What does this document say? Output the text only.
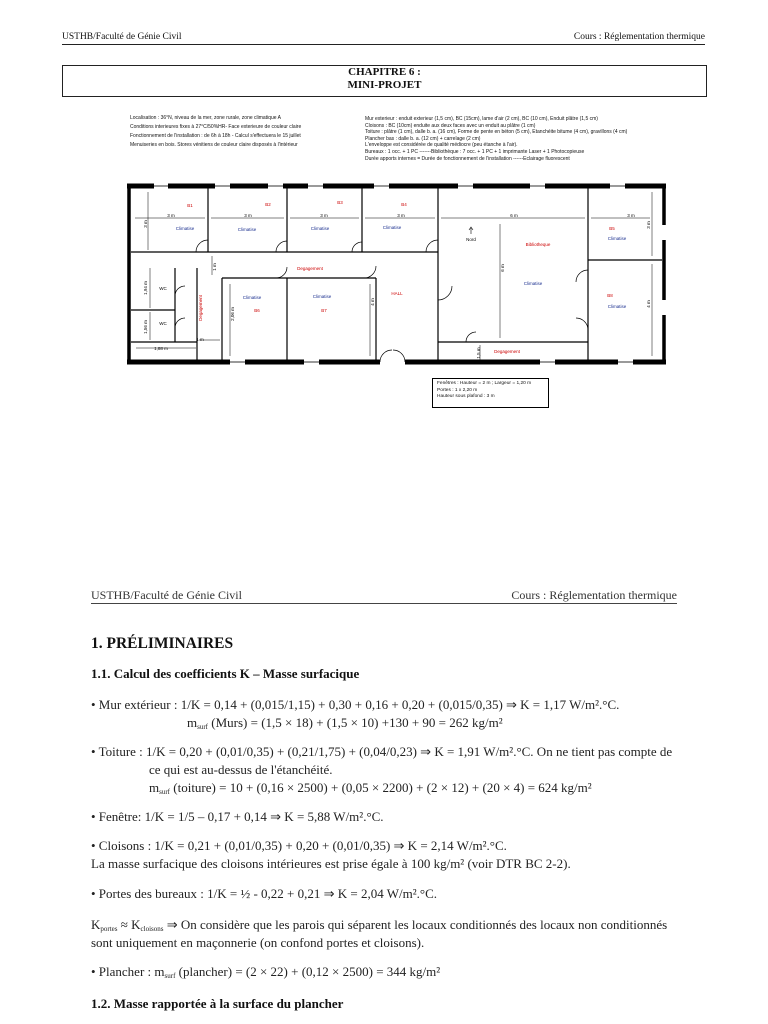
USTHB/Faculté de Génie Civil	Cours : Réglementation thermique
CHAPITRE 6 :
MINI-PROJET
Localisation : 36°N, niveau de la mer, zone rurale, zone climatique A
Conditions interieures fixes à 27°C/50%HR- Face exterieure de couleur claire
Fonctionnement de l'installation : de 6h à 18h - Calcul s'effectuera le 15 juillet
Menuiseries en bois. Stores vénitiens de couleur claire disposés à l'intérieur
Mur exterieur : enduit exterieur (1,5 cm), BC (15cm), lame d'air (2 cm), BC (10 cm), Enduit plâtre (1,5 cm)
Cloisons : BC (10cm) enduite aux deux faces avec un enduit au plâtre (1 cm)
Toiture : plâtre (1 cm), dalle b. a. (16 cm), Forme de pente en béton (5 cm), Etanchéite bitume (4 cm), gravillons (4 cm)
Plancher bas : dalle b. a. (12 cm) + carrelage (2 cm)
L'enveloppe est considérée de qualité médiocre (peu étanche à l'air).
Bureaux : 1 occ. + 1 PC -------Bibliothèque : 7 occ. + 1 PC + 1 imprimante Laser + 1 Photocopieuse
Durée apports internes = Durée de fonctionnement de l'installation ------Eclairage fluorescent
B1	B2	B3	B4
B5
B6	B7
B8
Degagement
Degagement
HALL
Bibliotheque
Degagement
Climatise	Climatise	Climatise	Climatise
Climatise
Climatise	Climatise
Climatise
Climatise
3 m	3 m	3 m	3 m	6 m	3 m
WC
WC
1,88 m
1 m
Nord
3 m
1,94 m
1,56 m
1 m
2,06 m
4 m
6 m
1,5 m
3 m
4 m
Fenêtres : Hauteur = 2 m ; Largeur = 1,20 m
Portes : 1 x 2,20 m
Hauteur sous plafond : 3 m
USTHB/Faculté de Génie Civil	Cours : Réglementation thermique
1. PRÉLIMINAIRES
1.1. Calcul des coefficients K – Masse surfacique
• Mur extérieur : 1/K = 0,14 + (0,015/1,15) + 0,30 + 0,16 + 0,20 + (0,015/0,35) ⇒ K = 1,17 W/m².°C.
$m_{surf}$ (Murs) = (1,5 × 18) + (1,5 × 10) +130 + 90 = 262 kg/m²
• Toiture : 1/K = 0,20 + (0,01/0,35) + (0,21/1,75) + (0,04/0,23) ⇒ K = 1,91 W/m².°C. On ne tient pas compte de
ce qui est au-dessus de l'étanchéité.
$m_{surf}$ (toiture) = 10 + (0,16 × 2500) + (0,05 × 2200) + (2 × 12) + (20 × 4) = 624 kg/m²
• Fenêtre: 1/K = 1/5 – 0,17 + 0,14 ⇒ K = 5,88 W/m².°C.
• Cloisons : 1/K = 0,21 + (0,01/0,35) + 0,20 + (0,01/0,35) ⇒ K = 2,14 W/m².°C.
La masse surfacique des cloisons intérieures est prise égale à 100 kg/m² (voir DTR BC 2-2).
• Portes des bureaux : 1/K = ½ - 0,22 + 0,21 ⇒ K = 2,04 W/m².°C.
$K_{portes} \approx K_{cloisons}$ ⇒ On considère que les parois qui séparent les locaux conditionnés des locaux non conditionnés
sont uniquement en maçonnerie (on confond portes et cloisons).
• Plancher : $m_{surf}$ (plancher) = (2 × 22) + (0,12 × 2500) = 344 kg/m²
1.2. Masse rapportée à la surface du plancher
